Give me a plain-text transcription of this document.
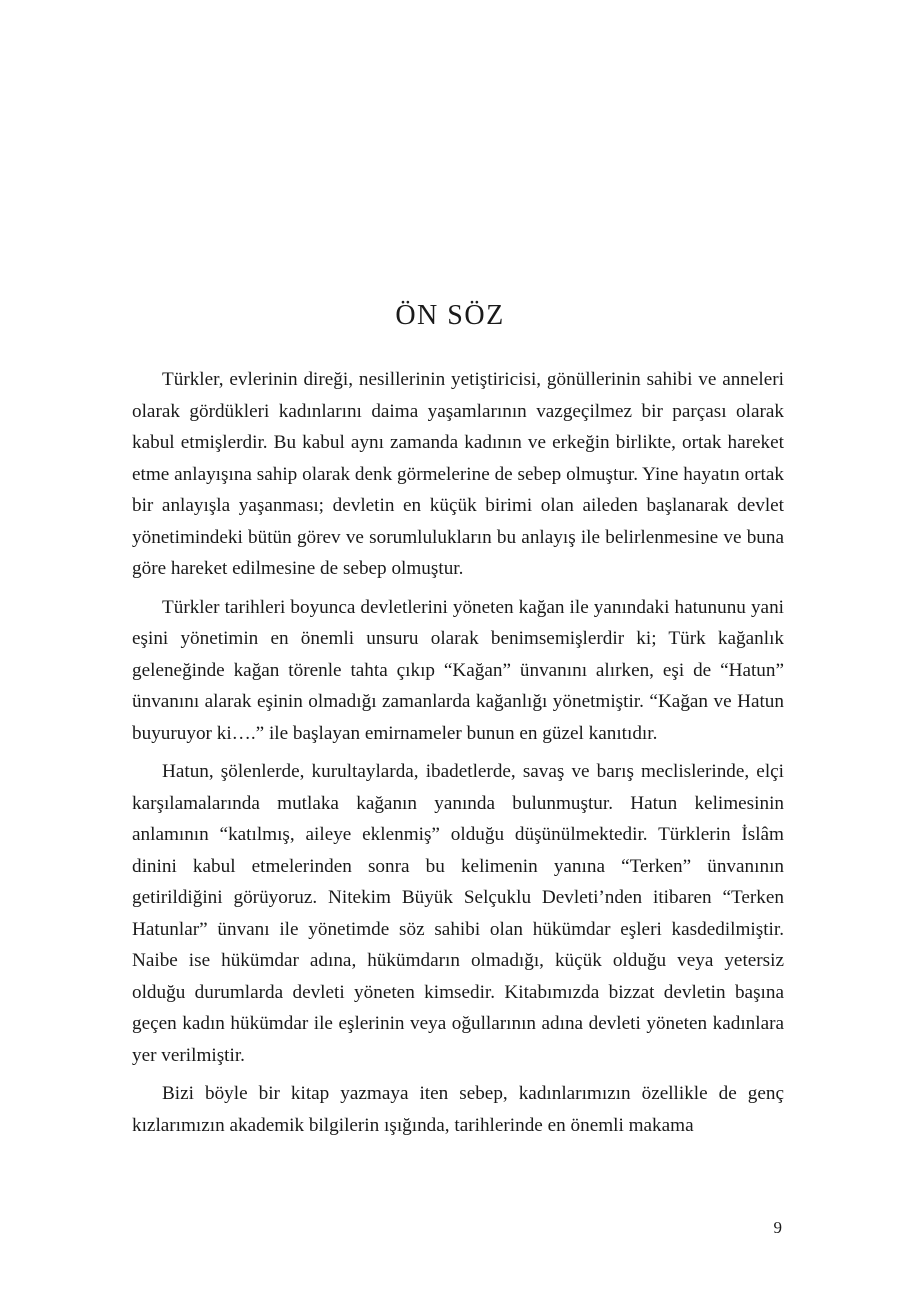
ÖN SÖZ

Türkler, evlerinin direği, nesillerinin yetiştiricisi, gönüllerinin sahibi ve anneleri olarak gördükleri kadınlarını daima yaşamlarının vazgeçilmez bir parçası olarak kabul etmişlerdir. Bu kabul aynı zamanda kadının ve erkeğin birlikte, ortak hareket etme anlayışına sahip olarak denk görmelerine de sebep olmuştur. Yine hayatın ortak bir anlayışla yaşanması; devletin en küçük birimi olan aileden başlanarak devlet yönetimindeki bütün görev ve sorumlulukların bu anlayış ile belirlenmesine ve buna göre hareket edilmesine de sebep olmuştur.

Türkler tarihleri boyunca devletlerini yöneten kağan ile yanındaki hatununu yani eşini yönetimin en önemli unsuru olarak benimsemişlerdir ki; Türk kağanlık geleneğinde kağan törenle tahta çıkıp “Kağan” ünvanını alırken, eşi de “Hatun” ünvanını alarak eşinin olmadığı zamanlarda kağanlığı yönetmiştir. “Kağan ve Hatun buyuruyor ki….” ile başlayan emirnameler bunun en güzel kanıtıdır.

Hatun, şölenlerde, kurultaylarda, ibadetlerde, savaş ve barış meclislerinde, elçi karşılamalarında mutlaka kağanın yanında bulunmuştur. Hatun kelimesinin anlamının “katılmış, aileye eklenmiş” olduğu düşünülmektedir. Türklerin İslâm dinini kabul etmelerinden sonra bu kelimenin yanına “Terken” ünvanının getirildiğini görüyoruz. Nitekim Büyük Selçuklu Devleti’nden itibaren “Terken Hatunlar” ünvanı ile yönetimde söz sahibi olan hükümdar eşleri kasdedilmiştir. Naibe ise hükümdar adına, hükümdarın olmadığı, küçük olduğu veya yetersiz olduğu durumlarda devleti yöneten kimsedir. Kitabımızda bizzat devletin başına geçen kadın hükümdar ile eşlerinin veya oğullarının adına devleti yöneten kadınlara yer verilmiştir.

Bizi böyle bir kitap yazmaya iten sebep, kadınlarımızın özellikle de genç kızlarımızın akademik bilgilerin ışığında, tarihlerinde en önemli makama

9
